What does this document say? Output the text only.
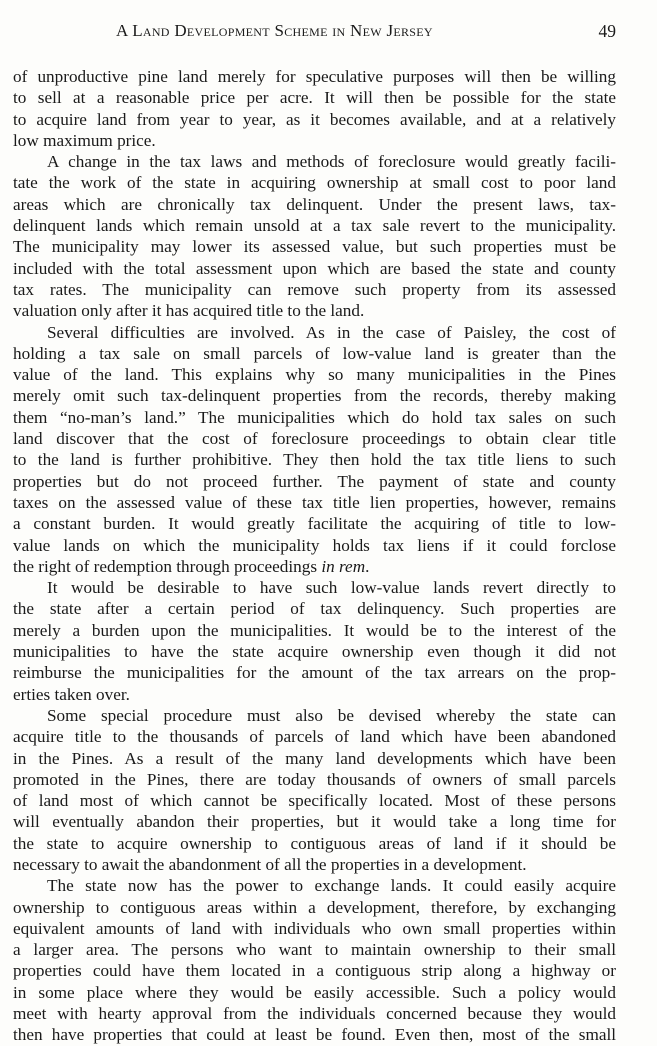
A Land Development Scheme in New Jersey	49
of unproductive pine land merely for speculative purposes will then be willing
to sell at a reasonable price per acre. It will then be possible for the state
to acquire land from year to year, as it becomes available, and at a relatively
low maximum price.
A change in the tax laws and methods of foreclosure would greatly facili-
tate the work of the state in acquiring ownership at small cost to poor land
areas which are chronically tax delinquent. Under the present laws, tax-
delinquent lands which remain unsold at a tax sale revert to the municipality.
The municipality may lower its assessed value, but such properties must be
included with the total assessment upon which are based the state and county
tax rates. The municipality can remove such property from its assessed
valuation only after it has acquired title to the land.
Several difficulties are involved. As in the case of Paisley, the cost of
holding a tax sale on small parcels of low-value land is greater than the
value of the land. This explains why so many municipalities in the Pines
merely omit such tax-delinquent properties from the records, thereby making
them “no-man’s land.” The municipalities which do hold tax sales on such
land discover that the cost of foreclosure proceedings to obtain clear title
to the land is further prohibitive. They then hold the tax title liens to such
properties but do not proceed further. The payment of state and county
taxes on the assessed value of these tax title lien properties, however, remains
a constant burden. It would greatly facilitate the acquiring of title to low-
value lands on which the municipality holds tax liens if it could forclose
the right of redemption through proceedings in rem.
It would be desirable to have such low-value lands revert directly to
the state after a certain period of tax delinquency. Such properties are
merely a burden upon the municipalities. It would be to the interest of the
municipalities to have the state acquire ownership even though it did not
reimburse the municipalities for the amount of the tax arrears on the prop-
erties taken over.
Some special procedure must also be devised whereby the state can
acquire title to the thousands of parcels of land which have been abandoned
in the Pines. As a result of the many land developments which have been
promoted in the Pines, there are today thousands of owners of small parcels
of land most of which cannot be specifically located. Most of these persons
will eventually abandon their properties, but it would take a long time for
the state to acquire ownership to contiguous areas of land if it should be
necessary to await the abandonment of all the properties in a development.
The state now has the power to exchange lands. It could easily acquire
ownership to contiguous areas within a development, therefore, by exchanging
equivalent amounts of land with individuals who own small properties within
a larger area. The persons who want to maintain ownership to their small
properties could have them located in a contiguous strip along a highway or
in some place where they would be easily accessible. Such a policy would
meet with hearty approval from the individuals concerned because they would
then have properties that could at least be found. Even then, most of the small
